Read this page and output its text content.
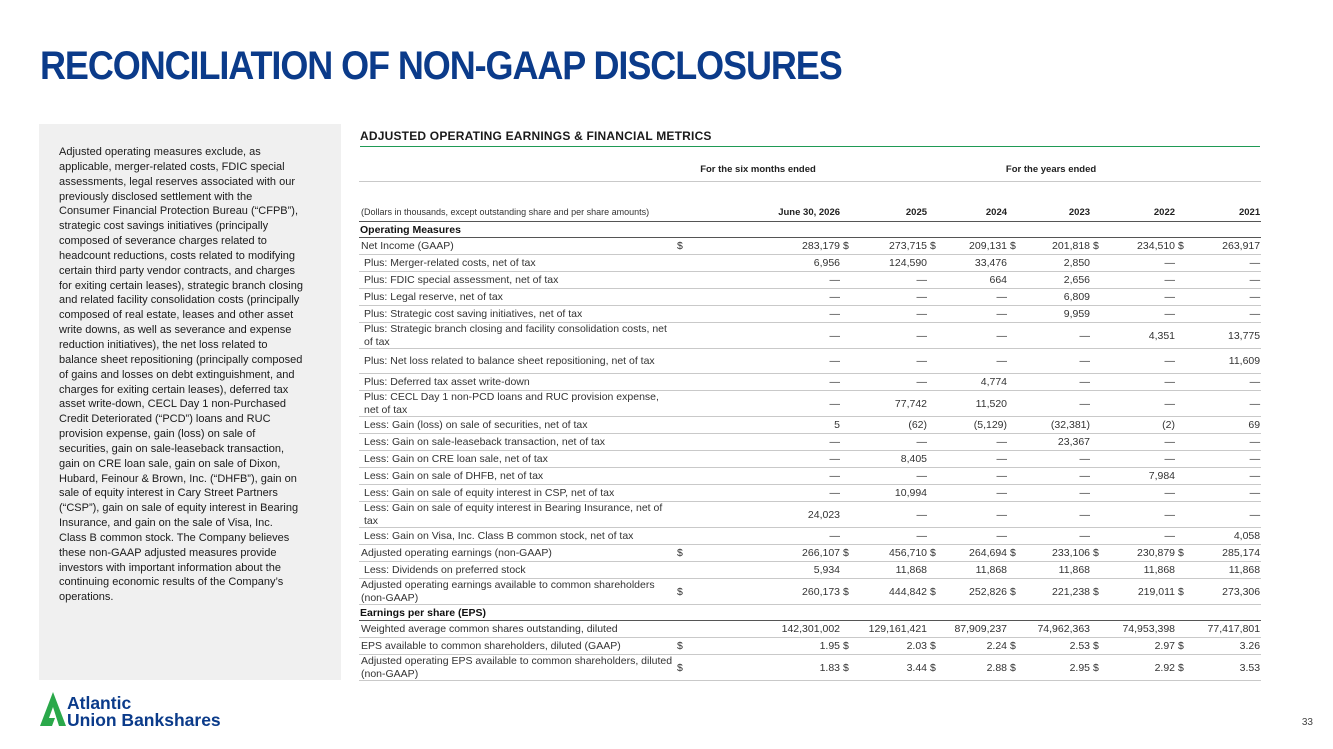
RECONCILIATION OF NON-GAAP DISCLOSURES

Adjusted operating measures exclude, as applicable, merger-related costs, FDIC special assessments, legal reserves associated with our previously disclosed settlement with the Consumer Financial Protection Bureau (“CFPB”), strategic cost savings initiatives (principally composed of severance charges related to headcount reductions, costs related to modifying certain third party vendor contracts, and charges for exiting certain leases), strategic branch closing and related facility consolidation costs (principally composed of real estate, leases and other asset write downs, as well as severance and expense reduction initiatives), the net loss related to balance sheet repositioning (principally composed of gains and losses on debt extinguishment, and charges for exiting certain leases), deferred tax asset write-down, CECL Day 1 non-Purchased Credit Deteriorated (“PCD”) loans and RUC provision expense, gain (loss) on sale of securities, gain on sale-leaseback transaction, gain on CRE loan sale, gain on sale of Dixon, Hubard, Feinour & Brown, Inc. (“DHFB”), gain on sale of equity interest in Cary Street Partners (“CSP”), gain on sale of equity interest in Bearing Insurance, and gain on the sale of Visa, Inc. Class B common stock. The Company believes these non-GAAP adjusted measures provide investors with important information about the continuing economic results of the Company’s operations.

Atlantic
Union Bankshares	33
ADJUSTED OPERATING EARNINGS & FINANCIAL METRICS
	For the six months ended		For the years ended									
(Dollars in thousands, except outstanding share and per share amounts)	June 30, 2026		2025		2024		2023		2022		2021	
Operating Measures												
Net Income (GAAP)	$	283,179	$	273,715	$	209,131	$	201,818	$	234,510	$	263,917
Plus: Merger-related costs, net of tax		6,956		124,590		33,476		2,850		—		—
Plus: FDIC special assessment, net of tax		—		—		664		2,656		—		—
Plus: Legal reserve, net of tax		—		—		—		6,809		—		—
Plus: Strategic cost saving initiatives, net of tax		—		—		—		9,959		—		—
Plus: Strategic branch closing and facility consolidation costs, net of tax		—		—		—		—		4,351		13,775
Plus: Net loss related to balance sheet repositioning, net of tax		—		—		—		—		—		11,609
Plus: Deferred tax asset write-down		—		—		4,774		—		—		—
Plus: CECL Day 1 non-PCD loans and RUC provision expense, net of tax		—		77,742		11,520		—		—		—
Less: Gain (loss) on sale of securities, net of tax		5		(62)		(5,129)		(32,381)		(2)		69
Less: Gain on sale-leaseback transaction, net of tax		—		—		—		23,367		—		—
Less: Gain on CRE loan sale, net of tax		—		8,405		—		—		—		—
Less: Gain on sale of DHFB, net of tax		—		—		—		—		7,984		—
Less: Gain on sale of equity interest in CSP, net of tax		—		10,994		—		—		—		—
Less: Gain on sale of equity interest in Bearing Insurance, net of tax		24,023		—		—		—		—		—
Less: Gain on Visa, Inc. Class B common stock, net of tax		—		—		—		—		—		4,058
Adjusted operating earnings (non-GAAP)	$	266,107	$	456,710	$	264,694	$	233,106	$	230,879	$	285,174
Less: Dividends on preferred stock		5,934		11,868		11,868		11,868		11,868		11,868
Adjusted operating earnings available to common shareholders (non-GAAP)	$	260,173	$	444,842	$	252,826	$	221,238	$	219,011	$	273,306
Earnings per share (EPS)												
Weighted average common shares outstanding, diluted		142,301,002		129,161,421		87,909,237		74,962,363		74,953,398		77,417,801
EPS available to common shareholders, diluted (GAAP)	$	1.95	$	2.03	$	2.24	$	2.53	$	2.97	$	3.26
Adjusted operating EPS available to common shareholders, diluted (non-GAAP)	$	1.83	$	3.44	$	2.88	$	2.95	$	2.92	$	3.53
